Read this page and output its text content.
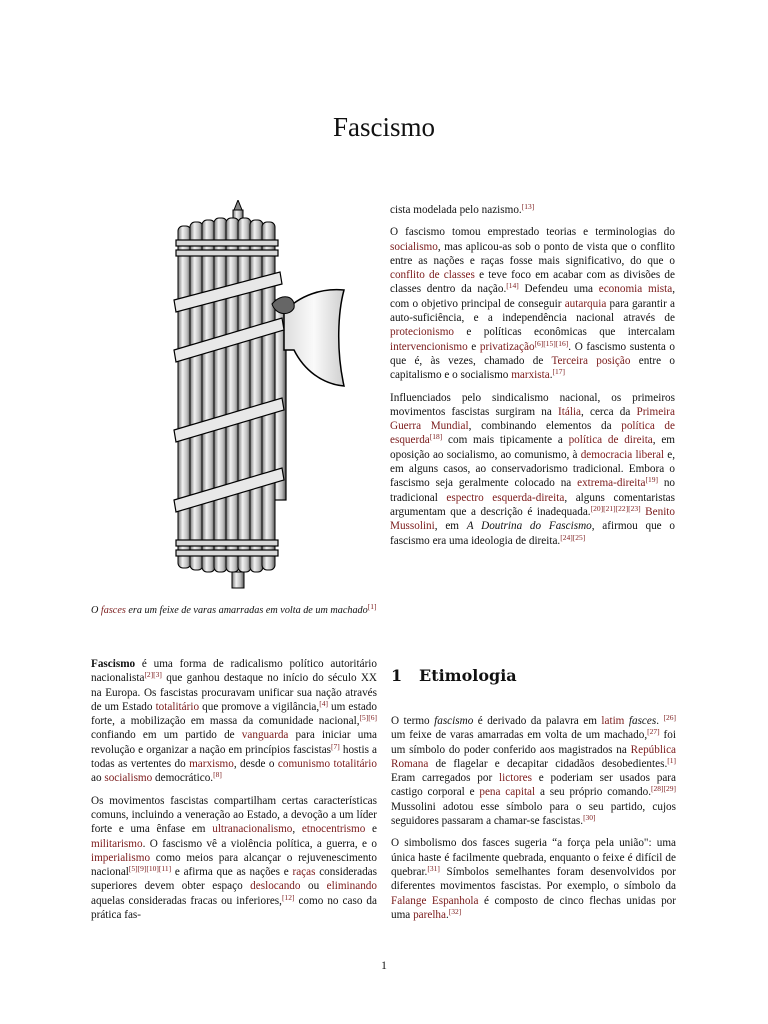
Fascismo
O fasces era um feixe de varas amarradas em volta de um machado[1]

cista modelada pelo nazismo.[13]

O fascismo tomou emprestado teorias e terminologias do socialismo, mas aplicou-as sob o ponto de vista que o conflito entre as nações e raças fosse mais significativo, do que o conflito de classes e teve foco em acabar com as divisões de classes dentro da nação.[14] Defendeu uma economia mista, com o objetivo principal de conseguir autarquia para garantir a auto-suficiência, e a independência nacional através de protecionismo e políticas econômicas que intercalam intervencionismo e privatização[6][15][16]. O fascismo sustenta o que é, às vezes, chamado de Terceira posição entre o capitalismo e o socialismo marxista.[17]

Influenciados pelo sindicalismo nacional, os primeiros movimentos fascistas surgiram na Itália, cerca da Primeira Guerra Mundial, combinando elementos da política de esquerda[18] com mais tipicamente a política de direita, em oposição ao socialismo, ao comunismo, à democracia liberal e, em alguns casos, ao conservadorismo tradicional. Embora o fascismo seja geralmente colocado na extrema-direita[19] no tradicional espectro esquerda-direita, alguns comentaristas argumentam que a descrição é inadequada.[20][21][22][23] Benito Mussolini, em A Doutrina do Fascismo, afirmou que o fascismo era uma ideologia de direita.[24][25]

Fascismo é uma forma de radicalismo político autoritário nacionalista[2][3] que ganhou destaque no início do século XX na Europa. Os fascistas procuravam unificar sua nação através de um Estado totalitário que promove a vigilância,[4] um estado forte, a mobilização em massa da comunidade nacional,[5][6] confiando em um partido de vanguarda para iniciar uma revolução e organizar a nação em princípios fascistas[7] hostis a todas as vertentes do marxismo, desde o comunismo totalitário ao socialismo democrático.[8]

Os movimentos fascistas compartilham certas características comuns, incluindo a veneração ao Estado, a devoção a um líder forte e uma ênfase em ultranacionalismo, etnocentrismo e militarismo. O fascismo vê a violência política, a guerra, e o imperialismo como meios para alcançar o rejuvenescimento nacional[5][9][10][11] e afirma que as nações e raças consideradas superiores devem obter espaço deslocando ou eliminando aquelas consideradas fracas ou inferiores,[12] como no caso da prática fas-

1 Etimologia

O termo fascismo é derivado da palavra em latim fasces. [26] um feixe de varas amarradas em volta de um machado,[27] foi um símbolo do poder conferido aos magistrados na República Romana de flagelar e decapitar cidadãos desobedientes.[1] Eram carregados por lictores e poderiam ser usados para castigo corporal e pena capital a seu próprio comando.[28][29] Mussolini adotou esse símbolo para o seu partido, cujos seguidores passaram a chamar-se fascistas.[30]

O simbolismo dos fasces sugeria “a força pela união": uma única haste é facilmente quebrada, enquanto o feixe é difícil de quebrar.[31] Símbolos semelhantes foram desenvolvidos por diferentes movimentos fascistas. Por exemplo, o símbolo da Falange Espanhola é composto de cinco flechas unidas por uma parelha.[32]

1
